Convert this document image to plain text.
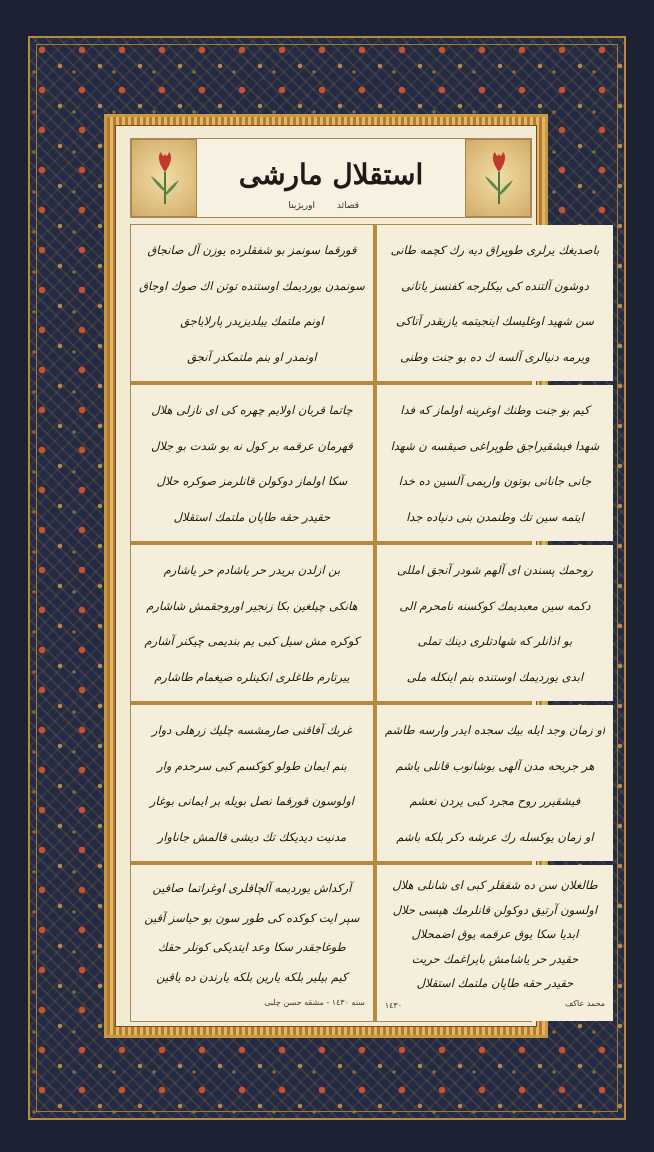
استقلال مارشى
قصائد
اوریژینا
قورقما سونمز بو شفقلرده یوزن آل صانجاق
سونمدن یوردیمك اوستنده توتن اك صوك اوجاق
اونم ملتمك یيلديزيدر پارلاياجق
اونمدر او بنم ملتمکدر آنجق
باصدیغك یرلری طوپراق دیه رك كچمه طانی
دوشون آلتنده كی بيكلرجه كفنسز یاتانی
سن شهید اوغلیسك اینجیتمه یازیقدر آتاكی
ویرمه دنیالری آلسه ك ده بو جنت وطنی
چاتما قربان اولايم چهره كى اى نازلى هلال
قهرمان عرقمه بر كول نه بو شدت بو جلال
سكا اولماز دوكولن قانلرمز صوكره حلال
حقيدر حقه طاپان ملتمك استقلال
كيم بو جنت وطنك اوغرينه اولماز كه فدا
شهدا فيشقيراجق طوپراغى صيقسه ن شهدا
جانى جانانى بوتون واريمى آلسين ده خدا
ايتمه سين تك وطنمدن بنى دنياده جدا
بن ازلدن بريدر حر ياشادم حر ياشارم
هانكی چيلغين بكا زنجير اوروجقمش شاشارم
كوكره مش سيل كبی يم بندیمی چيكنر آشارم
ييرتارم طاغلرى انكينلره صيغمام طاشارم
روحمك پسندن ای آلهم شودر آنجق امللى
دكمه سين معبدیمك كوكسنه نامحرم الی
بو اذانلر كه شهادتلری دينك تملی
ابدی يوردیمك اوستنده بنم اينكله ملی
غربك آفاقنى صارمشسه چليك زرهلى دوار
بنم ايمان طولو كوكسم كبی سرحدم وار
اولوسون قورقما نصل بويله بر ايمانى بوغار
مدنيت ديديكك تك ديشى قالمش جاناوار
او زمان وجد ايله بيك سجده ايدر وارسه طاشم
هر جريحه مدن آلهى بوشانوب قانلى ياشم
فيشقيرر روح مجرد كبى يردن نعشم
او زمان يوكسله رك عرشه دكر بلكه باشم
آركداش يورديمه آلچاقلرى اوغراتما صاقين
سپر ايت كوكده كى طور سون بو حياسز آقين
طوغاجقدر سكا وعد ايتديكى كونلر حقك
كيم بيلير بلكه يارين بلكه يارندن ده ياقين
سنه ١٤٣٠ - مشقه حسن چلبی
طالغلان سن ده شفقلر كبى اى شانلى هلال
اولسون آرتيق دوكولن قانلرمك هپسى حلال
ابديا سكا يوق عرقمه يوق اضمحلال
حقيدر حر ياشامش بايراغمك حريت
حقيدر حقه طاپان ملتمك استقلال
محمد عاكف
١٤٣٠
